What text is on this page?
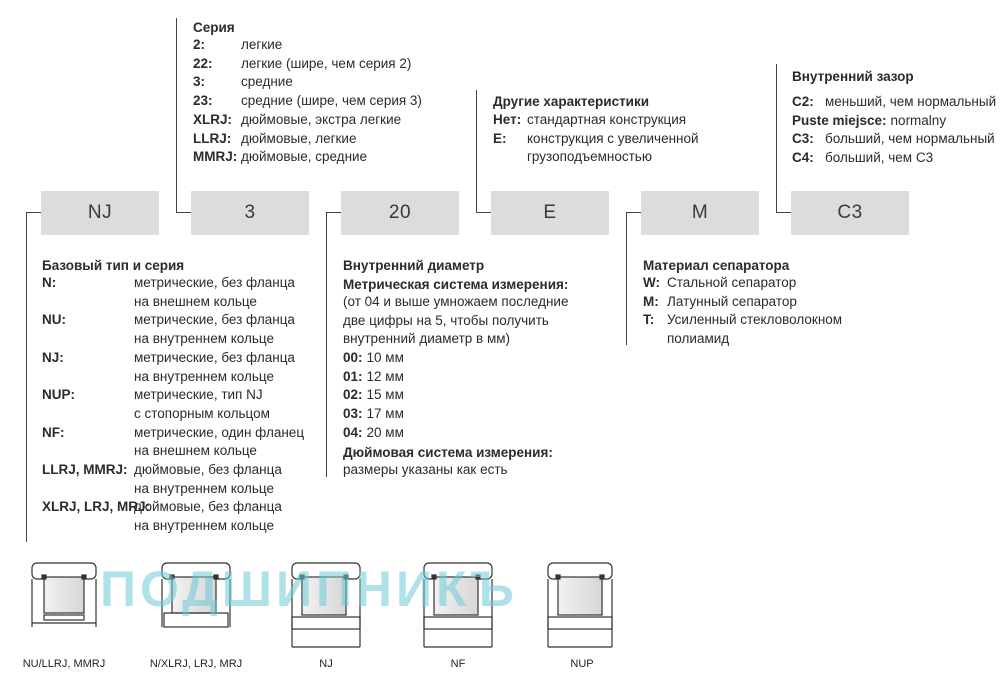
NJ	3	20	E	M	C3
Серия
2:	легкие
22:	легкие (шире, чем серия 2)
3:	средние
23:	средние (шире, чем серия 3)
XLRJ: дюймовые, экстра легкие
LLRJ: дюймовые, легкие
MMRJ: дюймовые, средние
Другие характеристики
Нет: стандартная конструкция
E:	конструкция с увеличенной
грузоподъемностью
Внутренний зазор
C2: меньший, чем нормальный
Puste miejsce: normalny
C3: больший, чем нормальный
C4: больший, чем C3
Базовый тип и серия
N:	метрические, без фланца
на внешнем кольце
NU:	метрические, без фланца
на внутреннем кольце
NJ:	метрические, без фланца
на внутреннем кольце
NUP:	метрические, тип NJ
с стопорным кольцом
NF:	метрические, один фланец
на внешнем кольце
LLRJ, MMRJ: дюймовые, без фланца
на внутреннем кольце
XLRJ, LRJ, MRJ:
дюймовые, без фланца
на внутреннем кольце
Внутренний диаметр
Метрическая система измерения:
(от 04 и выше умножаем последние
две цифры на 5, чтобы получить
внутренний диаметр в мм)
00: 10 мм
01: 12 мм
02: 15 мм
03: 17 мм
04: 20 мм
Дюймовая система измерения:
размеры указаны как есть
Материал сепаратора
W: Стальной сепаратор
M: Латунный сепаратор
T: Усиленный стекловолокном
полиамид
ПОДШИПНИКЪ
NU/LLRJ, MMRJ	N/XLRJ, LRJ, MRJ	NJ	NF	NUP
